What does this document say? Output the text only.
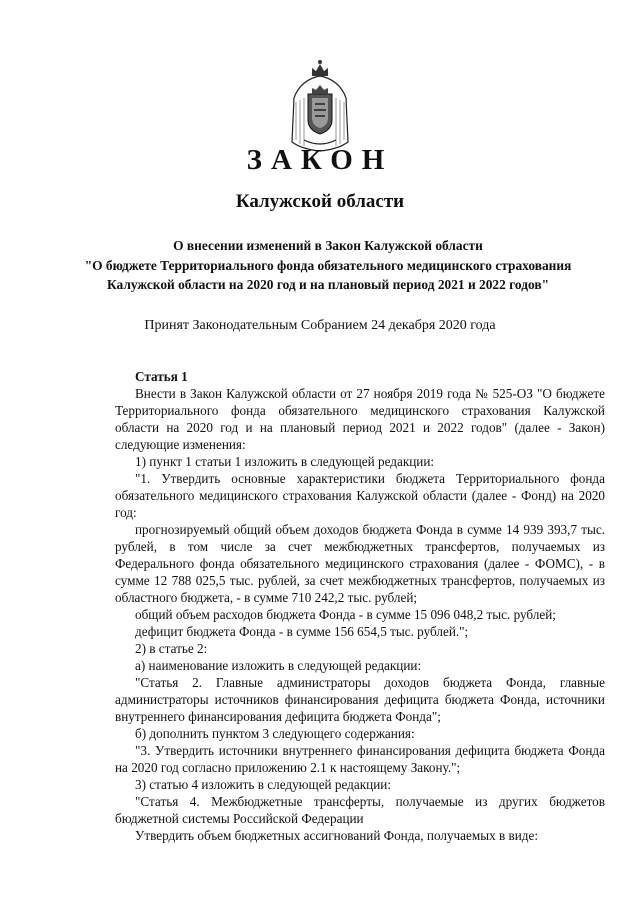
ЗАКОН
Калужской области
О внесении изменений в Закон Калужской области
"О бюджете Территориального фонда обязательного медицинского страхования
Калужской области на 2020 год и на плановый период 2021 и 2022 годов"

Принят Законодательным Собранием 24 декабря 2020 года

Статья 1

Внести в Закон Калужской области от 27 ноября 2019 года № 525-ОЗ "О бюджете Территориального фонда обязательного медицинского страхования Калужской области на 2020 год и на плановый период 2021 и 2022 годов" (далее - Закон) следующие изменения:

1) пункт 1 статьи 1 изложить в следующей редакции:

"1. Утвердить основные характеристики бюджета Территориального фонда обязательного медицинского страхования Калужской области (далее - Фонд) на 2020 год:

прогнозируемый общий объем доходов бюджета Фонда в сумме 14 939 393,7 тыс. рублей, в том числе за счет межбюджетных трансфертов, получаемых из Федерального фонда обязательного медицинского страхования (далее - ФОМС), - в сумме 12 788 025,5 тыс. рублей, за счет межбюджетных трансфертов, получаемых из областного бюджета, - в сумме 710 242,2 тыс. рублей;

общий объем расходов бюджета Фонда - в сумме 15 096 048,2 тыс. рублей;

дефицит бюджета Фонда - в сумме 156 654,5 тыс. рублей.";

2) в статье 2:

а) наименование изложить в следующей редакции:

"Статья 2. Главные администраторы доходов бюджета Фонда, главные администраторы источников финансирования дефицита бюджета Фонда, источники внутреннего финансирования дефицита бюджета Фонда";

б) дополнить пунктом 3 следующего содержания:

"3. Утвердить источники внутреннего финансирования дефицита бюджета Фонда на 2020 год согласно приложению 2.1 к настоящему Закону.";

3) статью 4 изложить в следующей редакции:

"Статья 4. Межбюджетные трансферты, получаемые из других бюджетов бюджетной системы Российской Федерации

Утвердить объем бюджетных ассигнований Фонда, получаемых в виде:
